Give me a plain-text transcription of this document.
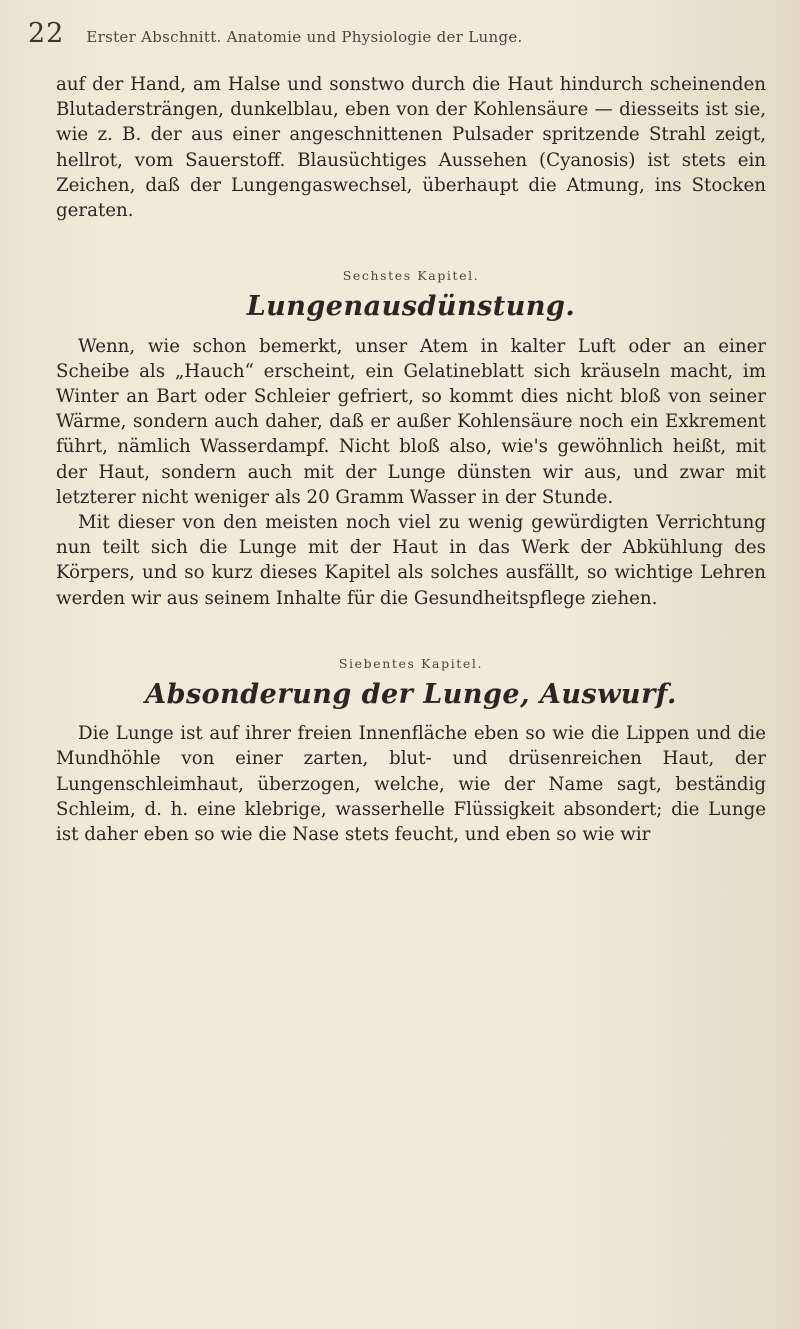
22 Erster Abschnitt. Anatomie und Physiologie der Lunge.

auf der Hand, am Halse und sonstwo durch die Haut hindurch scheinenden Blutadersträngen, dunkelblau, eben von der Kohlensäure — diesseits ist sie, wie z. B. der aus einer angeschnittenen Pulsader spritzende Strahl zeigt, hellrot, vom Sauerstoff. Blausüchtiges Aussehen (Cyanosis) ist stets ein Zeichen, daß der Lungengaswechsel, überhaupt die Atmung, ins Stocken geraten.

Sechstes Kapitel.
Lungenausdünstung.

Wenn, wie schon bemerkt, unser Atem in kalter Luft oder an einer Scheibe als „Hauch“ erscheint, ein Gelatineblatt sich kräuseln macht, im Winter an Bart oder Schleier gefriert, so kommt dies nicht bloß von seiner Wärme, sondern auch daher, daß er außer Kohlensäure noch ein Exkrement führt, nämlich Wasserdampf. Nicht bloß also, wie's gewöhnlich heißt, mit der Haut, sondern auch mit der Lunge dünsten wir aus, und zwar mit letzterer nicht weniger als 20 Gramm Wasser in der Stunde.

Mit dieser von den meisten noch viel zu wenig gewürdigten Verrichtung nun teilt sich die Lunge mit der Haut in das Werk der Abkühlung des Körpers, und so kurz dieses Kapitel als solches ausfällt, so wichtige Lehren werden wir aus seinem Inhalte für die Gesundheitspflege ziehen.

Siebentes Kapitel.
Absonderung der Lunge, Auswurf.

Die Lunge ist auf ihrer freien Innenfläche eben so wie die Lippen und die Mundhöhle von einer zarten, blut- und drüsenreichen Haut, der Lungenschleimhaut, überzogen, welche, wie der Name sagt, beständig Schleim, d. h. eine klebrige, wasserhelle Flüssigkeit absondert; die Lunge ist daher eben so wie die Nase stets feucht, und eben so wie wir
